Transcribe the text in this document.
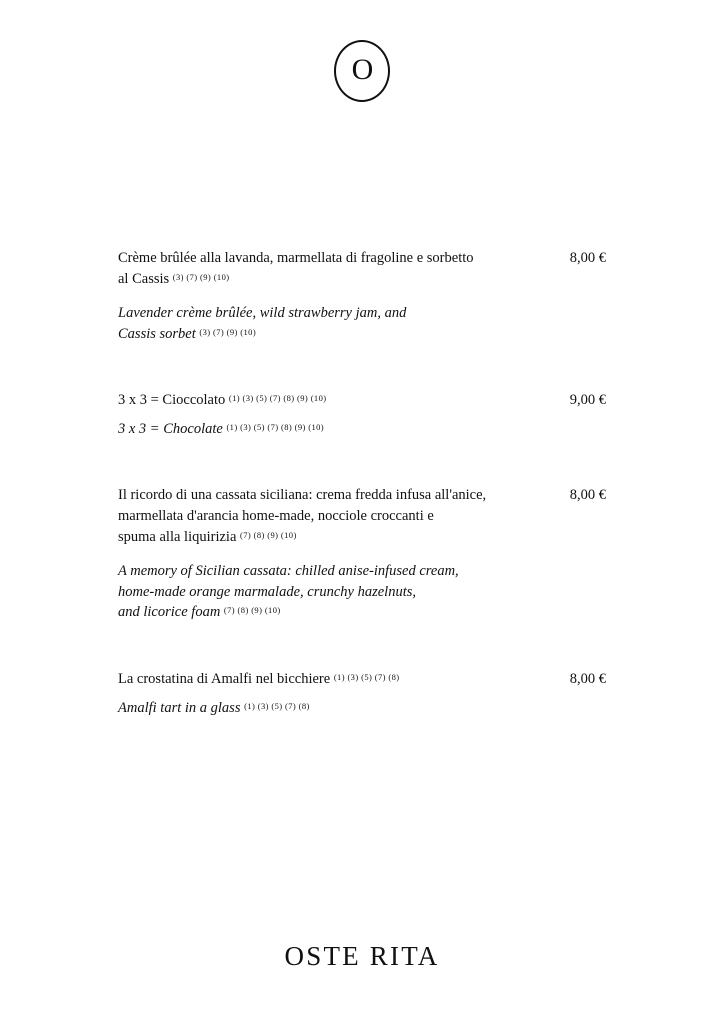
O
Crème brûlée alla lavanda, marmellata di fragoline e sorbetto
al Cassis $^{(3) (7) (9) (10)}$
8,00 €
Lavender crème brûlée, wild strawberry jam, and
Cassis sorbet $^{(3) (7) (9) (10)}$
3 x 3 = Cioccolato $^{(1) (3) (5) (7) (8) (9) (10)}$	9,00 €
3 x 3 = Chocolate $^{(1) (3) (5) (7) (8) (9) (10)}$
Il ricordo di una cassata siciliana: crema fredda infusa all'anice,
marmellata d'arancia home-made, nocciole croccanti e
spuma alla liquirizia $^{(7) (8) (9) (10)}$
8,00 €
A memory of Sicilian cassata: chilled anise-infused cream,
home-made orange marmalade, crunchy hazelnuts,
and licorice foam $^{(7) (8) (9) (10)}$
La crostatina di Amalfi nel bicchiere $^{(1) (3) (5) (7) (8)}$	8,00 €
Amalfi tart in a glass $^{(1) (3) (5) (7) (8)}$
OSTE RITA
